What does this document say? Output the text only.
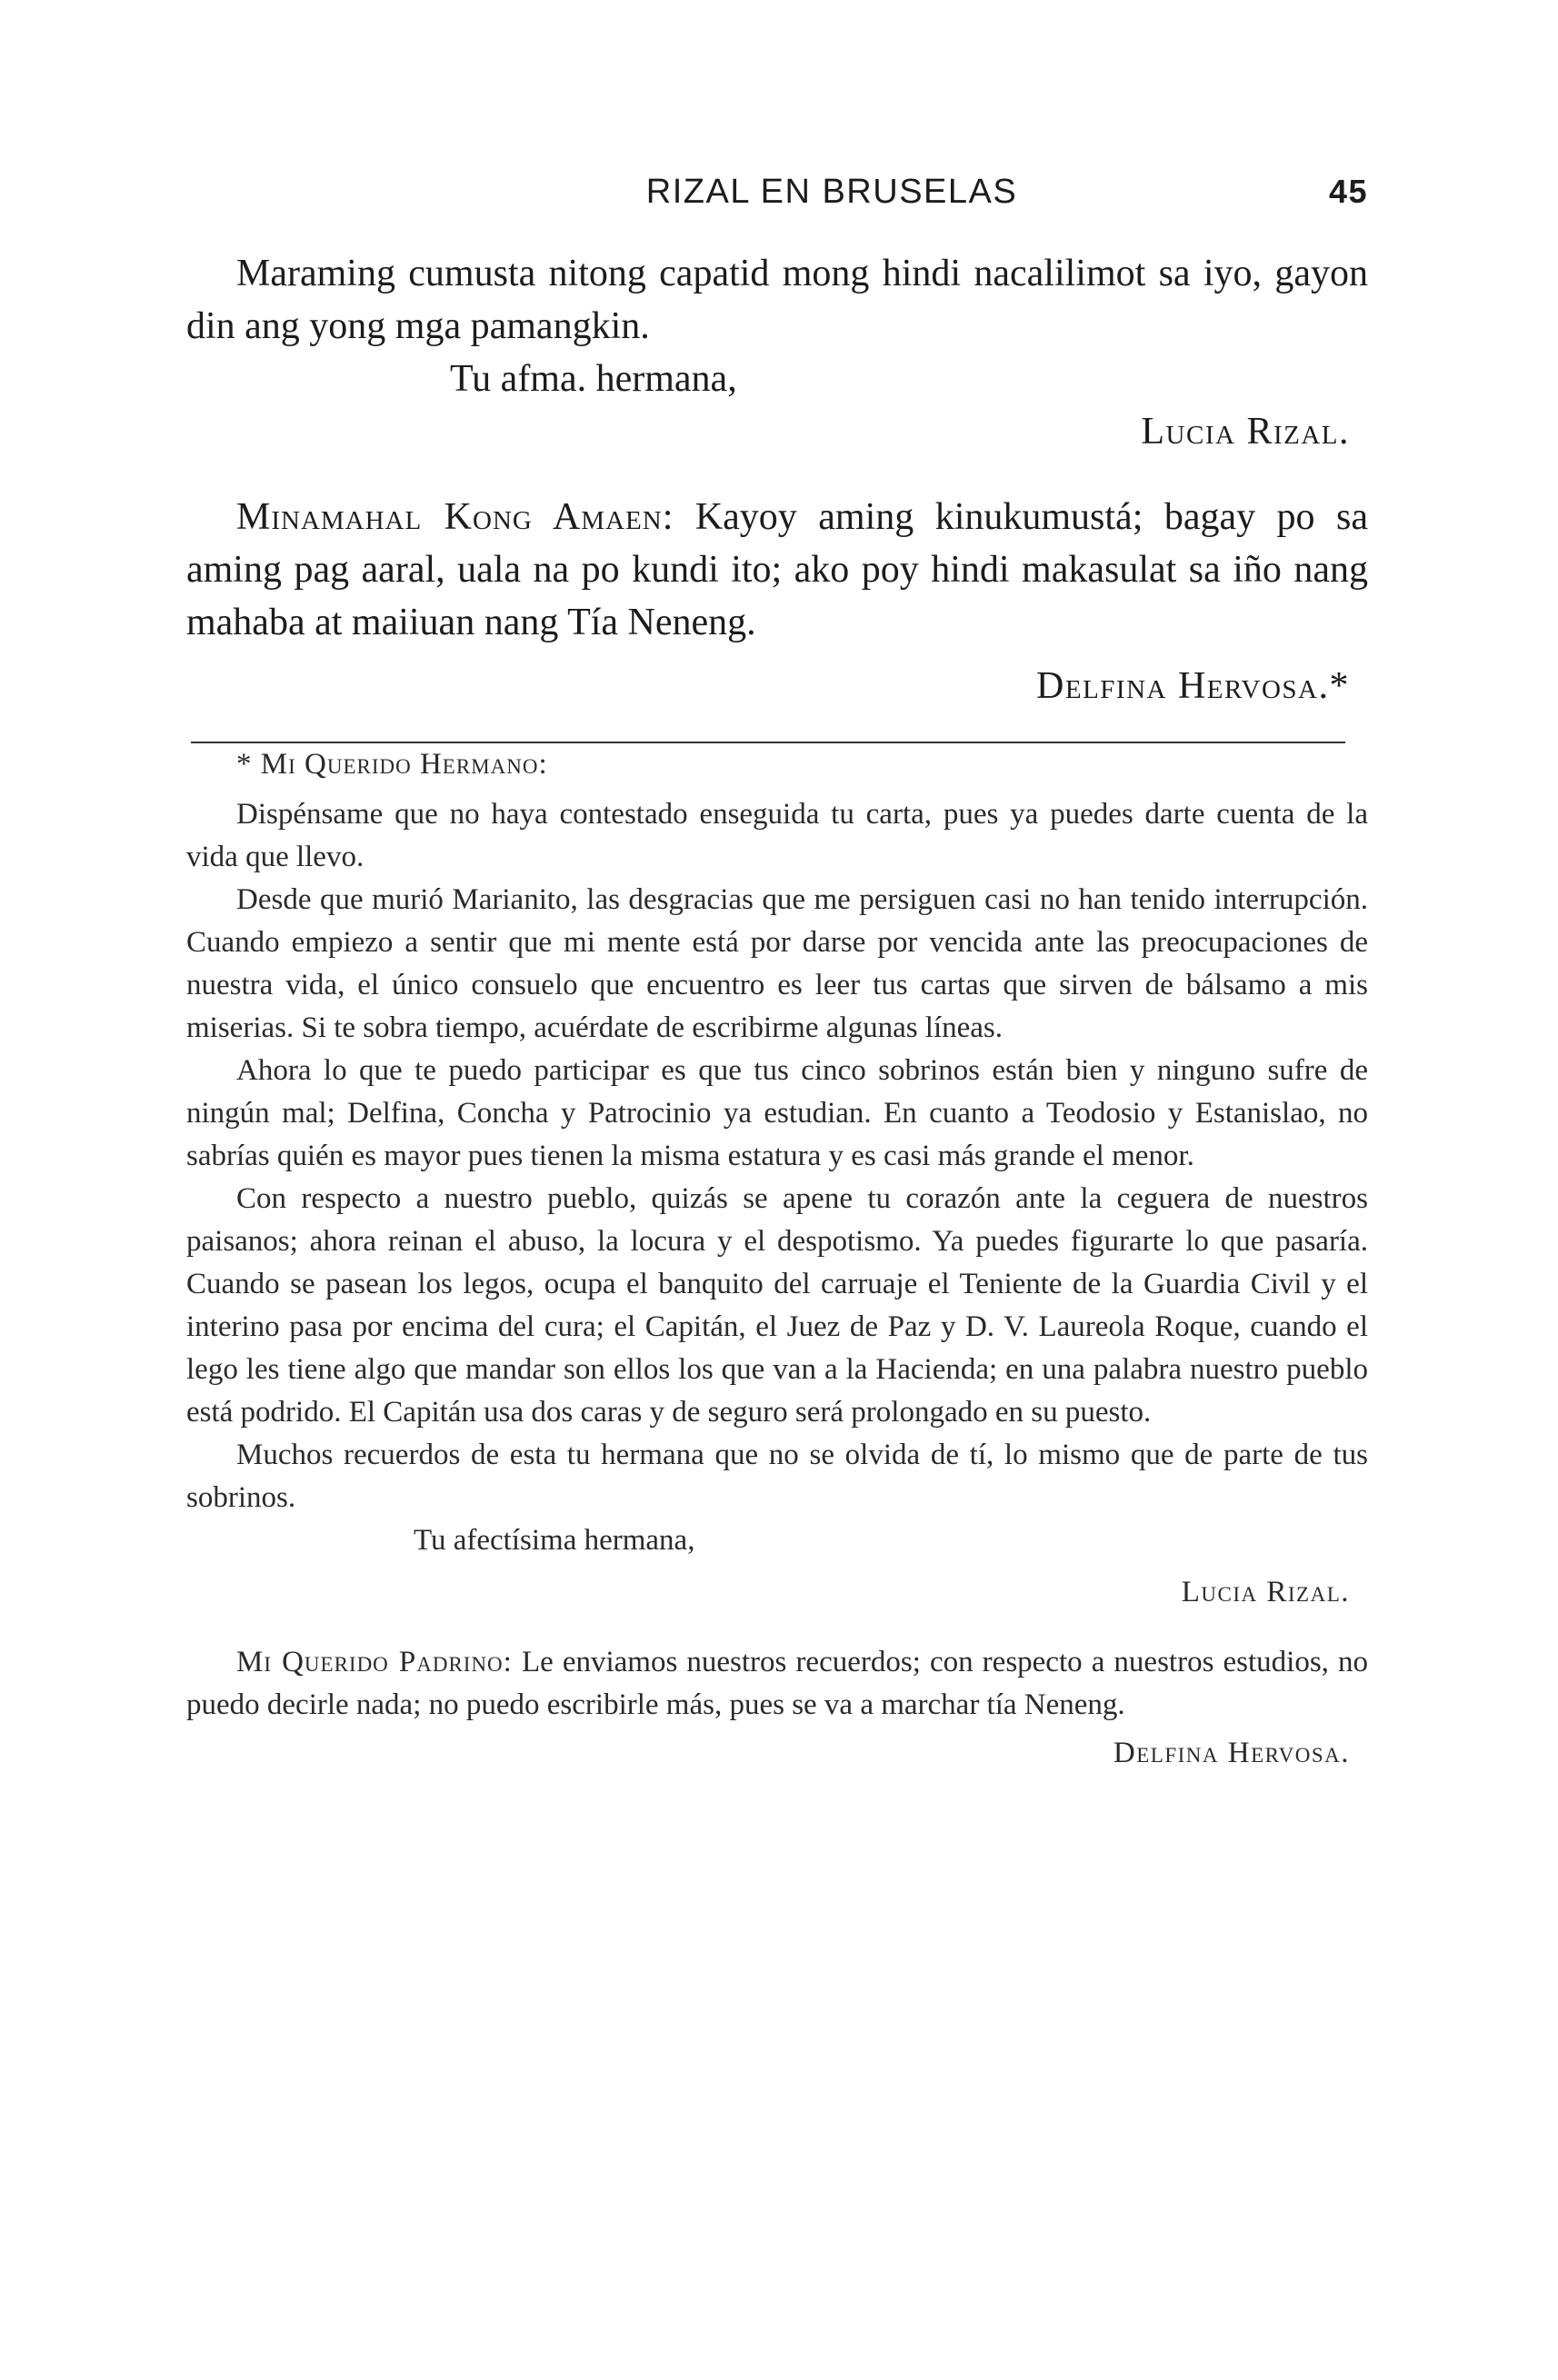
RIZAL EN BRUSELAS	45

Maraming cumusta nitong capatid mong hindi nacalilimot sa iyo, gayon din ang yong mga pamangkin.

Tu afma. hermana,

Lucia Rizal.

Minamahal Kong Amaen: Kayoy aming kinukumustá; bagay po sa aming pag aaral, uala na po kundi ito; ako poy hindi makasulat sa iño nang mahaba at maiiuan nang Tía Neneng.

Delfina Hervosa.*

* Mi Querido Hermano:

Dispénsame que no haya contestado enseguida tu carta, pues ya puedes darte cuenta de la vida que llevo.

Desde que murió Marianito, las desgracias que me persiguen casi no han tenido interrupción. Cuando empiezo a sentir que mi mente está por darse por vencida ante las preocupaciones de nuestra vida, el único consuelo que encuentro es leer tus cartas que sirven de bálsamo a mis miserias. Si te sobra tiempo, acuérdate de escribirme algunas líneas.

Ahora lo que te puedo participar es que tus cinco sobrinos están bien y ninguno sufre de ningún mal; Delfina, Concha y Patrocinio ya estudian. En cuanto a Teodosio y Estanislao, no sabrías quién es mayor pues tienen la misma estatura y es casi más grande el menor.

Con respecto a nuestro pueblo, quizás se apene tu corazón ante la ceguera de nuestros paisanos; ahora reinan el abuso, la locura y el despotismo. Ya puedes figurarte lo que pasaría. Cuando se pasean los legos, ocupa el banquito del carruaje el Teniente de la Guardia Civil y el interino pasa por encima del cura; el Capitán, el Juez de Paz y D. V. Laureola Roque, cuando el lego les tiene algo que mandar son ellos los que van a la Hacienda; en una palabra nuestro pueblo está podrido. El Capitán usa dos caras y de seguro será prolongado en su puesto.

Muchos recuerdos de esta tu hermana que no se olvida de tí, lo mismo que de parte de tus sobrinos.

Tu afectísima hermana,

Lucia Rizal.

Mi Querido Padrino: Le enviamos nuestros recuerdos; con respecto a nuestros estudios, no puedo decirle nada; no puedo escribirle más, pues se va a marchar tía Neneng.

Delfina Hervosa.
